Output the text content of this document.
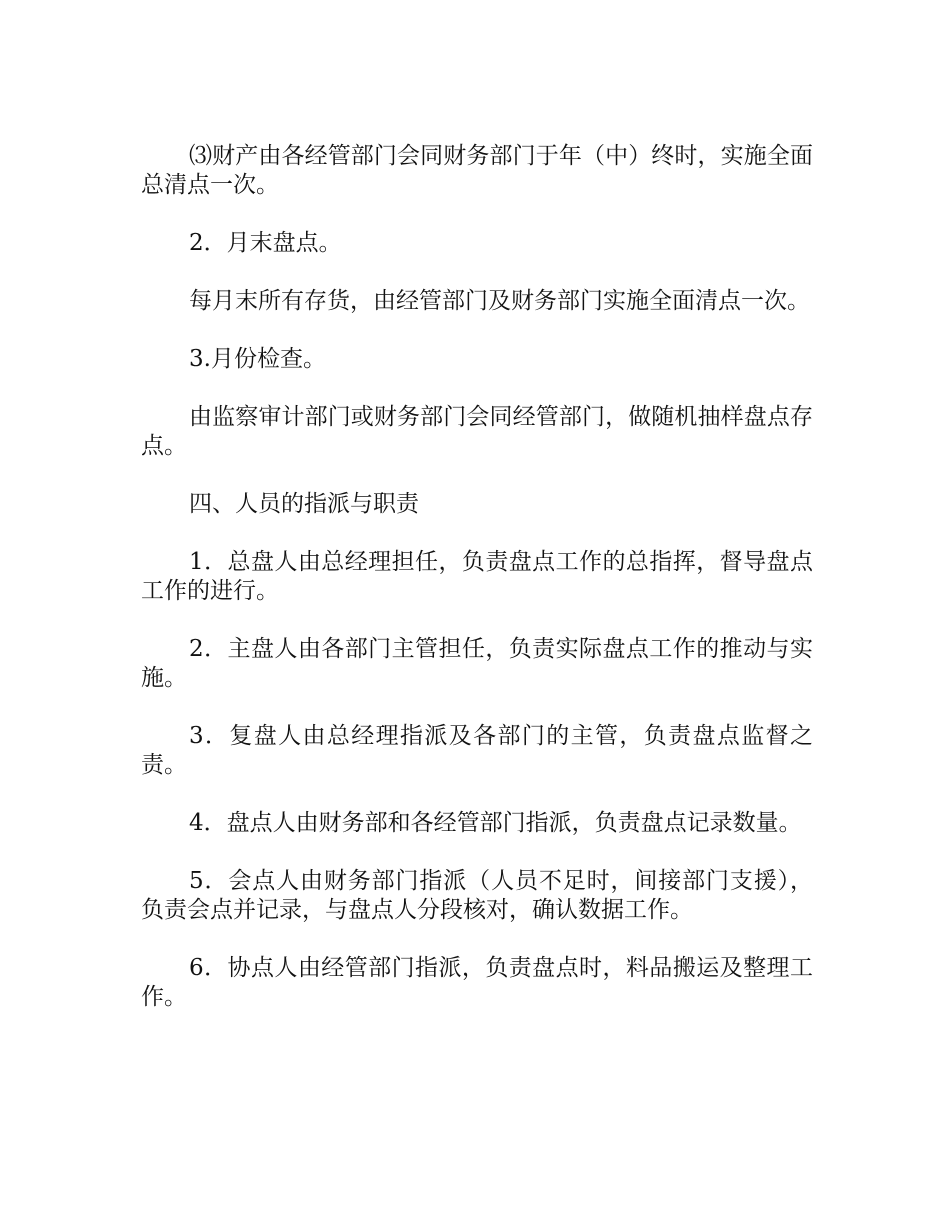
⑶财产由各经管部门会同财务部门于年（中）终时，实施全面总清点一次。

2．月末盘点。

每月末所有存货，由经管部门及财务部门实施全面清点一次。

3.月份检查。

由监察审计部门或财务部门会同经管部门，做随机抽样盘点存点。

四、人员的指派与职责

1．总盘人由总经理担任，负责盘点工作的总指挥，督导盘点工作的进行。

2．主盘人由各部门主管担任，负责实际盘点工作的推动与实施。

3．复盘人由总经理指派及各部门的主管，负责盘点监督之责。

4．盘点人由财务部和各经管部门指派，负责盘点记录数量。

5．会点人由财务部门指派（人员不足时，间接部门支援），负责会点并记录，与盘点人分段核对，确认数据工作。

6．协点人由经管部门指派，负责盘点时，料品搬运及整理工作。
